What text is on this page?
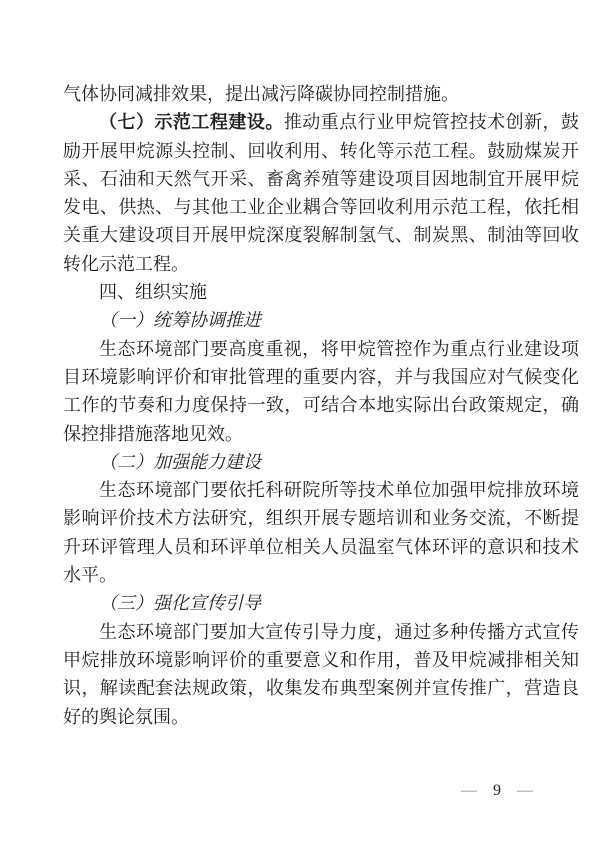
气体协同减排效果，提出减污降碳协同控制措施。

（七）示范工程建设。推动重点行业甲烷管控技术创新，鼓励开展甲烷源头控制、回收利用、转化等示范工程。鼓励煤炭开采、石油和天然气开采、畜禽养殖等建设项目因地制宜开展甲烷发电、供热、与其他工业企业耦合等回收利用示范工程，依托相关重大建设项目开展甲烷深度裂解制氢气、制炭黑、制油等回收转化示范工程。

四、组织实施
（一）统筹协调推进

生态环境部门要高度重视，将甲烷管控作为重点行业建设项目环境影响评价和审批管理的重要内容，并与我国应对气候变化工作的节奏和力度保持一致，可结合本地实际出台政策规定，确保控排措施落地见效。

（二）加强能力建设

生态环境部门要依托科研院所等技术单位加强甲烷排放环境影响评价技术方法研究，组织开展专题培训和业务交流，不断提升环评管理人员和环评单位相关人员温室气体环评的意识和技术水平。

（三）强化宣传引导

生态环境部门要加大宣传引导力度，通过多种传播方式宣传甲烷排放环境影响评价的重要意义和作用，普及甲烷减排相关知识，解读配套法规政策，收集发布典型案例并宣传推广，营造良好的舆论氛围。

— 9 —
